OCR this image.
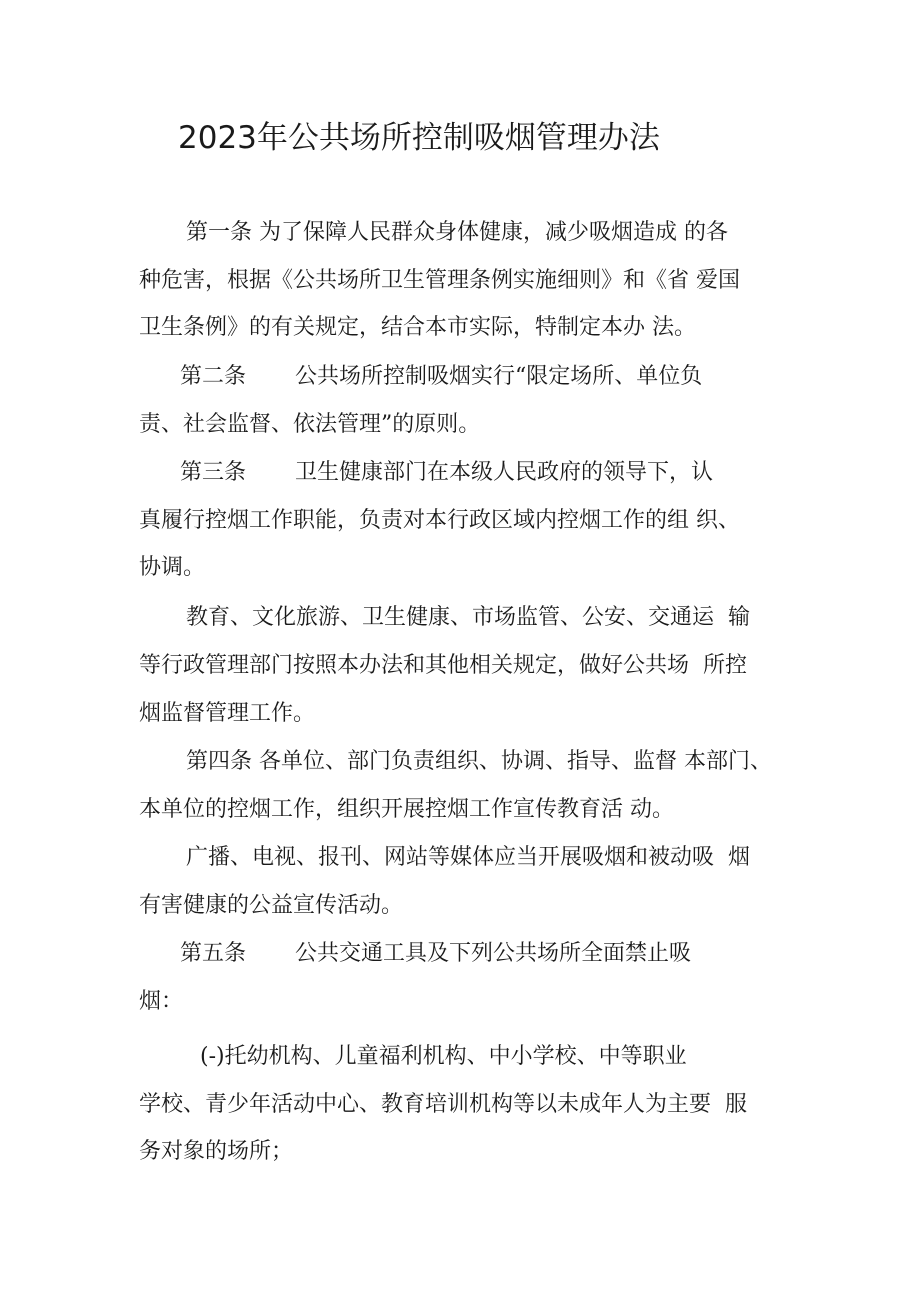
2023年公共场所控制吸烟管理办法
第一条 为了保障人民群众身体健康，减少吸烟造成 的各
种危害，根据《公共场所卫生管理条例实施细则》和《省 爱国
卫生条例》的有关规定，结合本市实际，特制定本办 法。
第二条       公共场所控制吸烟实行“限定场所、单位负
责、社会监督、依法管理”的原则。
第三条       卫生健康部门在本级人民政府的领导下，认
真履行控烟工作职能，负责对本行政区域内控烟工作的组 织、
协调。
教育、文化旅游、卫生健康、市场监管、公安、交通运  输
等行政管理部门按照本办法和其他相关规定，做好公共场  所控
烟监督管理工作。
第四条 各单位、部门负责组织、协调、指导、监督 本部门、
本单位的控烟工作，组织开展控烟工作宣传教育活 动。
广播、电视、报刊、网站等媒体应当开展吸烟和被动吸  烟
有害健康的公益宣传活动。
第五条       公共交通工具及下列公共场所全面禁止吸
烟：
(-)托幼机构、儿童福利机构、中小学校、中等职业
学校、青少年活动中心、教育培训机构等以未成年人为主要  服
务对象的场所；
